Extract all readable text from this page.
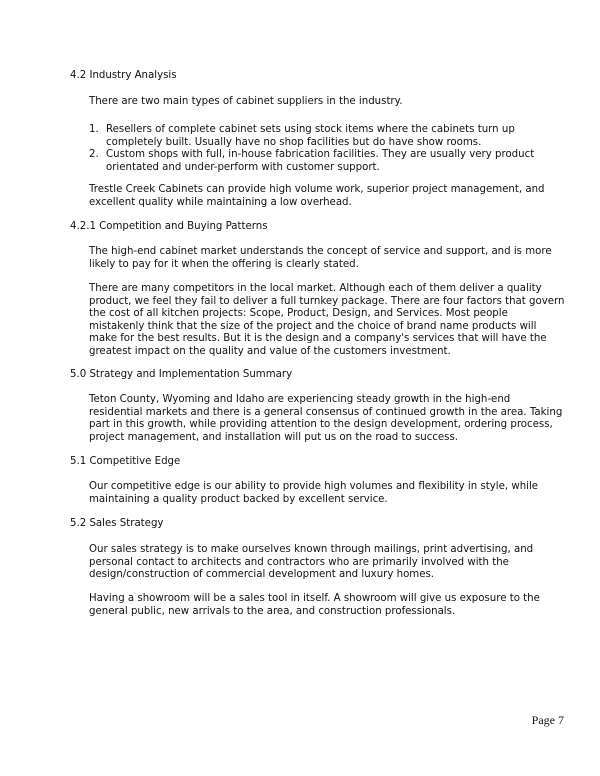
4.2 Industry Analysis

There are two main types of cabinet suppliers in the industry.

1. Resellers of complete cabinet sets using stock items where the cabinets turn up completely built. Usually have no shop facilities but do have show rooms.
2. Custom shops with full, in-house fabrication facilities. They are usually very product orientated and under-perform with customer support.

Trestle Creek Cabinets can provide high volume work, superior project management, and excellent quality while maintaining a low overhead.

4.2.1 Competition and Buying Patterns

The high-end cabinet market understands the concept of service and support, and is more likely to pay for it when the offering is clearly stated.

There are many competitors in the local market. Although each of them deliver a quality product, we feel they fail to deliver a full turnkey package. There are four factors that govern the cost of all kitchen projects: Scope, Product, Design, and Services. Most people mistakenly think that the size of the project and the choice of brand name products will make for the best results. But it is the design and a company's services that will have the greatest impact on the quality and value of the customers investment.

5.0 Strategy and Implementation Summary

Teton County, Wyoming and Idaho are experiencing steady growth in the high-end residential markets and there is a general consensus of continued growth in the area. Taking part in this growth, while providing attention to the design development, ordering process, project management, and installation will put us on the road to success.

5.1 Competitive Edge

Our competitive edge is our ability to provide high volumes and flexibility in style, while maintaining a quality product backed by excellent service.

5.2 Sales Strategy

Our sales strategy is to make ourselves known through mailings, print advertising, and personal contact to architects and contractors who are primarily involved with the design/construction of commercial development and luxury homes.

Having a showroom will be a sales tool in itself. A showroom will give us exposure to the general public, new arrivals to the area, and construction professionals.

Page 7
